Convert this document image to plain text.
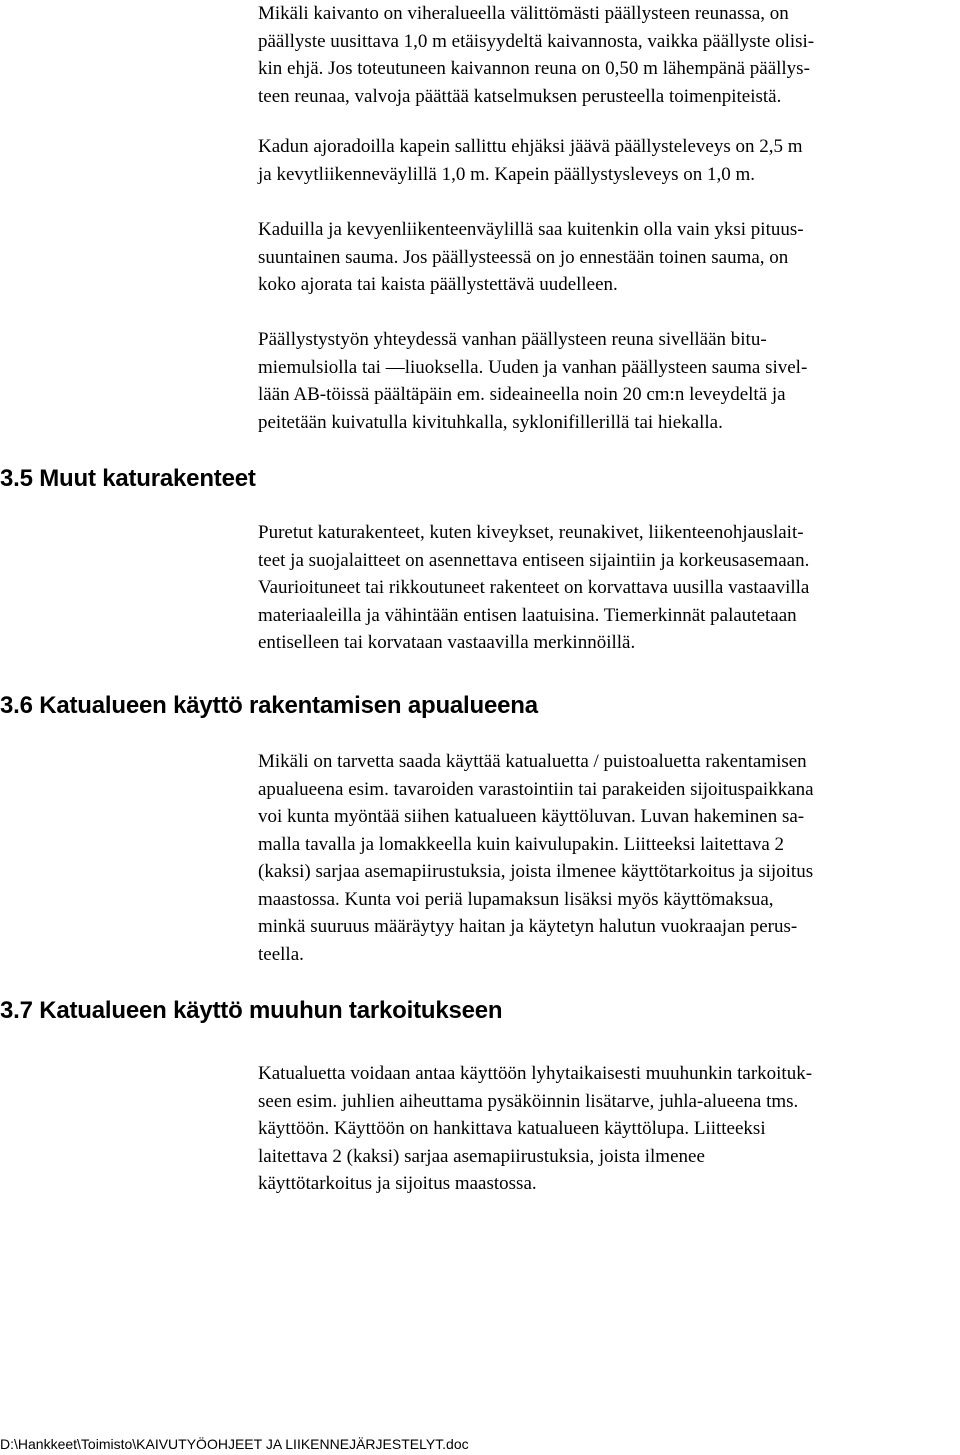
Mikäli kaivanto on viheralueella välittömästi päällysteen reunassa, on
päällyste uusittava 1,0 m etäisyydeltä kaivannosta, vaikka päällyste olisi-
kin ehjä. Jos toteutuneen kaivannon reuna on 0,50 m lähempänä päällys-
teen reunaa, valvoja päättää katselmuksen perusteella toimenpiteistä.

Kadun ajoradoilla kapein sallittu ehjäksi jäävä päällysteleveys on 2,5 m
ja kevytliikenneväylillä 1,0 m. Kapein päällystysleveys on 1,0 m.

Kaduilla ja kevyenliikenteenväylillä saa kuitenkin olla vain yksi pituus-
suuntainen sauma. Jos päällysteessä on jo ennestään toinen sauma, on
koko ajorata tai kaista päällystettävä uudelleen.

Päällystystyön yhteydessä vanhan päällysteen reuna sivellään bitu-
miemulsiolla tai —liuoksella. Uuden ja vanhan päällysteen sauma sivel-
lään AB-töissä päältäpäin em. sideaineella noin 20 cm:n leveydeltä ja
peitetään kuivatulla kivituhkalla, syklonifillerillä tai hiekalla.

3.5 Muut katurakenteet

Puretut katurakenteet, kuten kiveykset, reunakivet, liikenteenohjauslait-
teet ja suojalaitteet on asennettava entiseen sijaintiin ja korkeusasemaan.
Vaurioituneet tai rikkoutuneet rakenteet on korvattava uusilla vastaavilla
materiaaleilla ja vähintään entisen laatuisina. Tiemerkinnät palautetaan
entiselleen tai korvataan vastaavilla merkinnöillä.

3.6 Katualueen käyttö rakentamisen apualueena

Mikäli on tarvetta saada käyttää katualuetta / puistoaluetta rakentamisen
apualueena esim. tavaroiden varastointiin tai parakeiden sijoituspaikkana
voi kunta myöntää siihen katualueen käyttöluvan. Luvan hakeminen sa-
malla tavalla ja lomakkeella kuin kaivulupakin. Liitteeksi laitettava 2
(kaksi) sarjaa asemapiirustuksia, joista ilmenee käyttötarkoitus ja sijoitus
maastossa. Kunta voi periä lupamaksun lisäksi myös käyttömaksua,
minkä suuruus määräytyy haitan ja käytetyn halutun vuokraajan perus-
teella.

3.7 Katualueen käyttö muuhun tarkoitukseen

Katualuetta voidaan antaa käyttöön lyhytaikaisesti muuhunkin tarkoituk-
seen esim. juhlien aiheuttama pysäköinnin lisätarve, juhla-alueena tms.
käyttöön. Käyttöön on hankittava katualueen käyttölupa. Liitteeksi
laitettava 2 (kaksi) sarjaa asemapiirustuksia, joista ilmenee
käyttötarkoitus ja sijoitus maastossa.

D:\Hankkeet\Toimisto\KAIVUTYÖOHJEET JA LIIKENNEJÄRJESTELYT.doc
